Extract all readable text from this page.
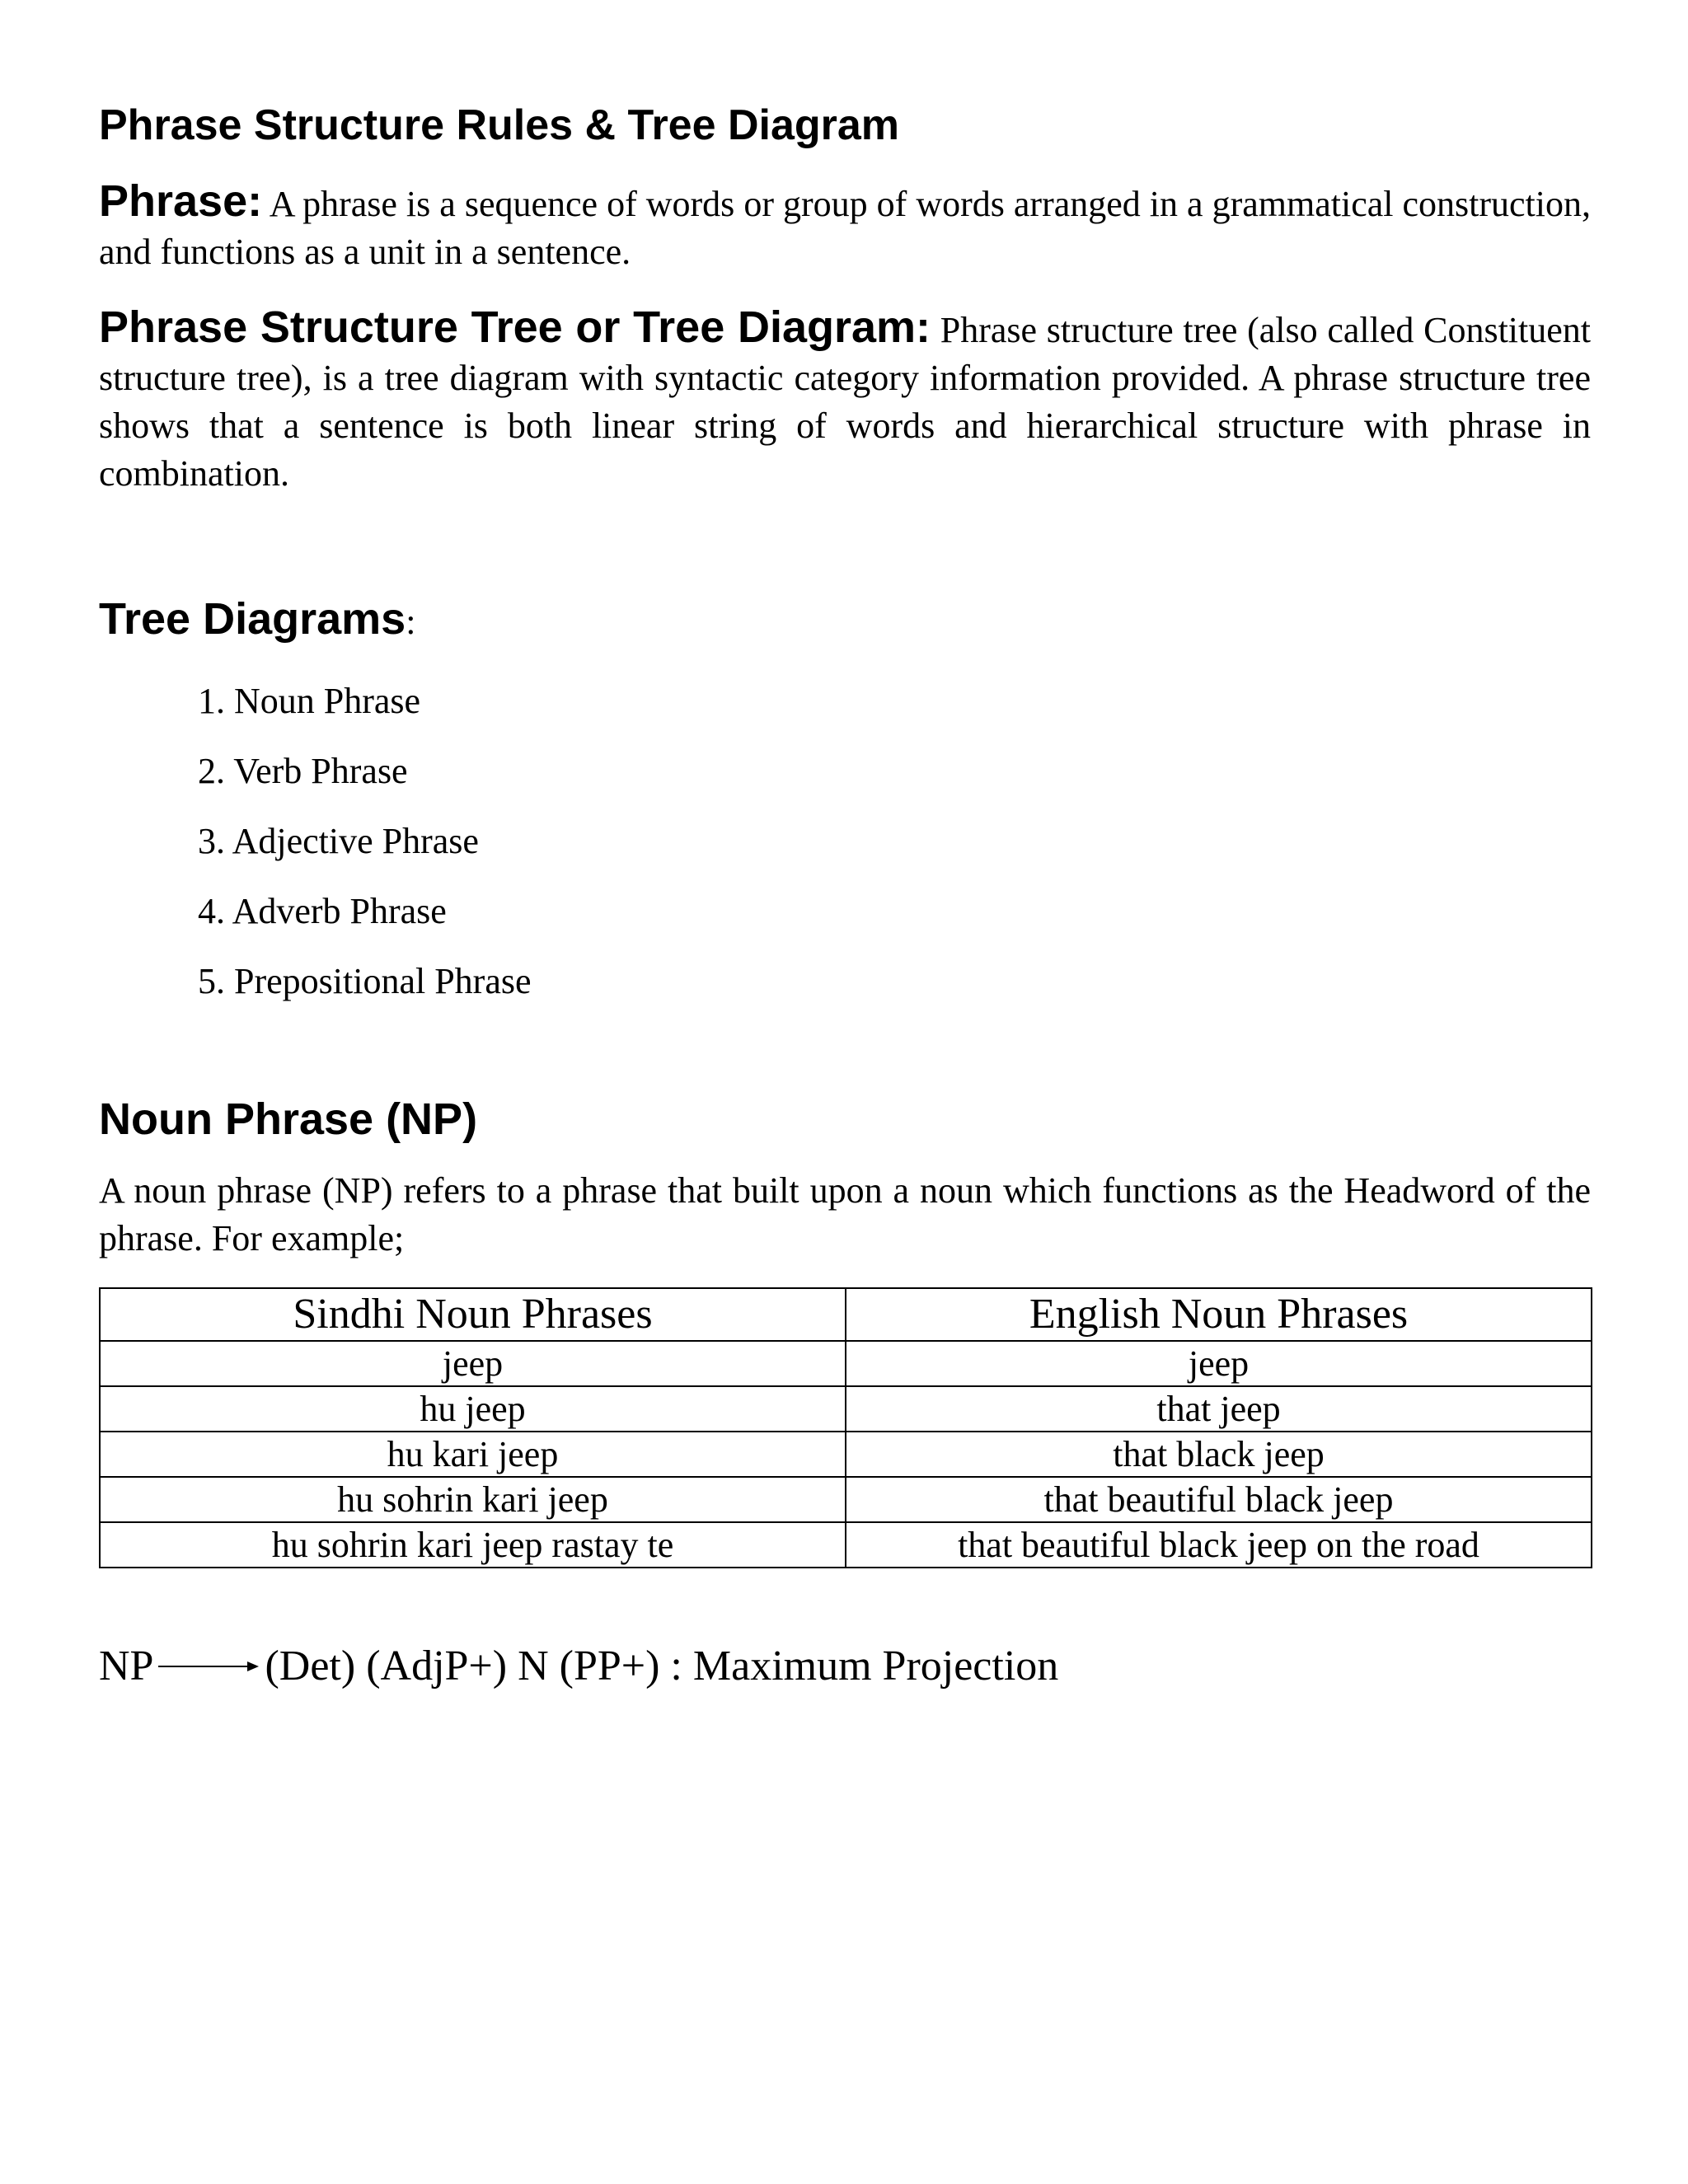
Phrase Structure Rules & Tree Diagram

Phrase: A phrase is a sequence of words or group of words arranged in a grammatical construction, and functions as a unit in a sentence.

Phrase Structure Tree or Tree Diagram: Phrase structure tree (also called Constituent structure tree), is a tree diagram with syntactic category information provided. A phrase structure tree shows that a sentence is both linear string of words and hierarchical structure with phrase in combination.

Tree Diagrams:
1. Noun Phrase
2. Verb Phrase
3. Adjective Phrase
4. Adverb Phrase
5. Prepositional Phrase
Noun Phrase (NP)

A noun phrase (NP) refers to a phrase that built upon a noun which functions as the Headword of the phrase. For example;

Sindhi Noun Phrases	English Noun Phrases
jeep	jeep
hu jeep	that jeep
hu kari jeep	that black jeep
hu sohrin kari jeep	that beautiful black jeep
hu sohrin kari jeep rastay te	that beautiful black jeep on the road
NP	(Det) (AdjP+) N (PP+) : Maximum Projection
